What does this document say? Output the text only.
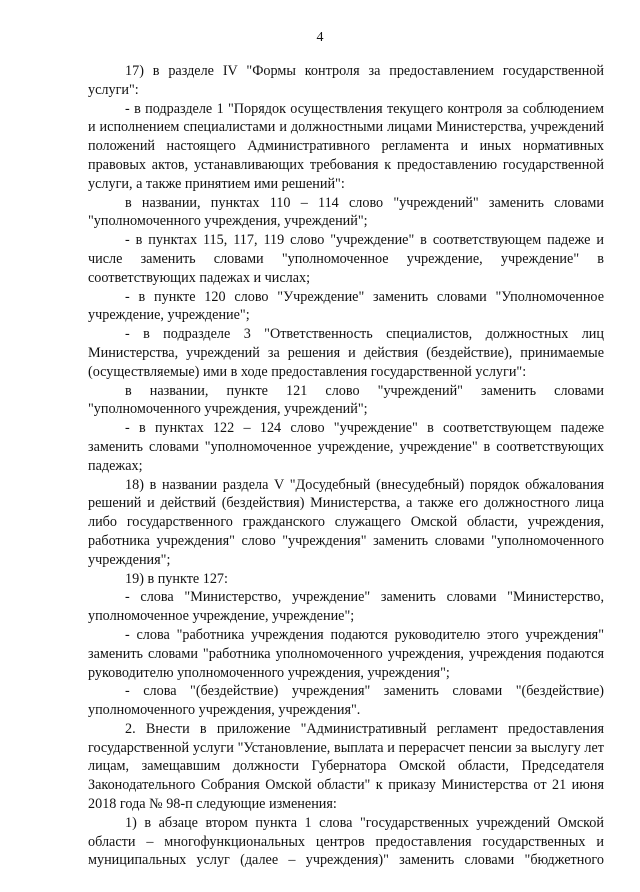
4

17) в разделе IV "Формы контроля за предоставлением государственной услуги":

- в подразделе 1 "Порядок осуществления текущего контроля за соблюдением и исполнением специалистами и должностными лицами Министерства, учреждений положений настоящего Административного регламента и иных нормативных правовых актов, устанавливающих требования к предоставлению государственной услуги, а также принятием ими решений":

в названии, пунктах 110 – 114 слово "учреждений" заменить словами "уполномоченного учреждения, учреждений";

- в пунктах 115, 117, 119 слово "учреждение" в соответствующем падеже и числе заменить словами "уполномоченное учреждение, учреждение" в соответствующих падежах и числах;

- в пункте 120 слово "Учреждение" заменить словами "Уполномоченное учреждение, учреждение";

- в подразделе 3 "Ответственность специалистов, должностных лиц Министерства, учреждений за решения и действия (бездействие), принимаемые (осуществляемые) ими в ходе предоставления государственной услуги":

в названии, пункте 121 слово "учреждений" заменить словами "уполномоченного учреждения, учреждений";

- в пунктах 122 – 124 слово "учреждение" в соответствующем падеже заменить словами "уполномоченное учреждение, учреждение" в соответствующих падежах;

18) в названии раздела V "Досудебный (внесудебный) порядок обжалования решений и действий (бездействия) Министерства, а также его должностного лица либо государственного гражданского служащего Омской области, учреждения, работника учреждения" слово "учреждения" заменить словами "уполномоченного учреждения";

19) в пункте 127:

- слова "Министерство, учреждение" заменить словами "Министерство, уполномоченное учреждение, учреждение";

- слова "работника учреждения подаются руководителю этого учреждения" заменить словами "работника уполномоченного учреждения, учреждения подаются руководителю уполномоченного учреждения, учреждения";

- слова "(бездействие) учреждения" заменить словами "(бездействие) уполномоченного учреждения, учреждения".

2. Внести в приложение "Административный регламент предоставления государственной услуги "Установление, выплата и перерасчет пенсии за выслугу лет лицам, замещавшим должности Губернатора Омской области, Председателя Законодательного Собрания Омской области" к приказу Министерства от 21 июня 2018 года № 98-п следующие изменения:

1) в абзаце втором пункта 1 слова "государственных учреждений Омской области – многофункциональных центров предоставления государственных и муниципальных услуг (далее – учреждения)" заменить словами "бюджетного
